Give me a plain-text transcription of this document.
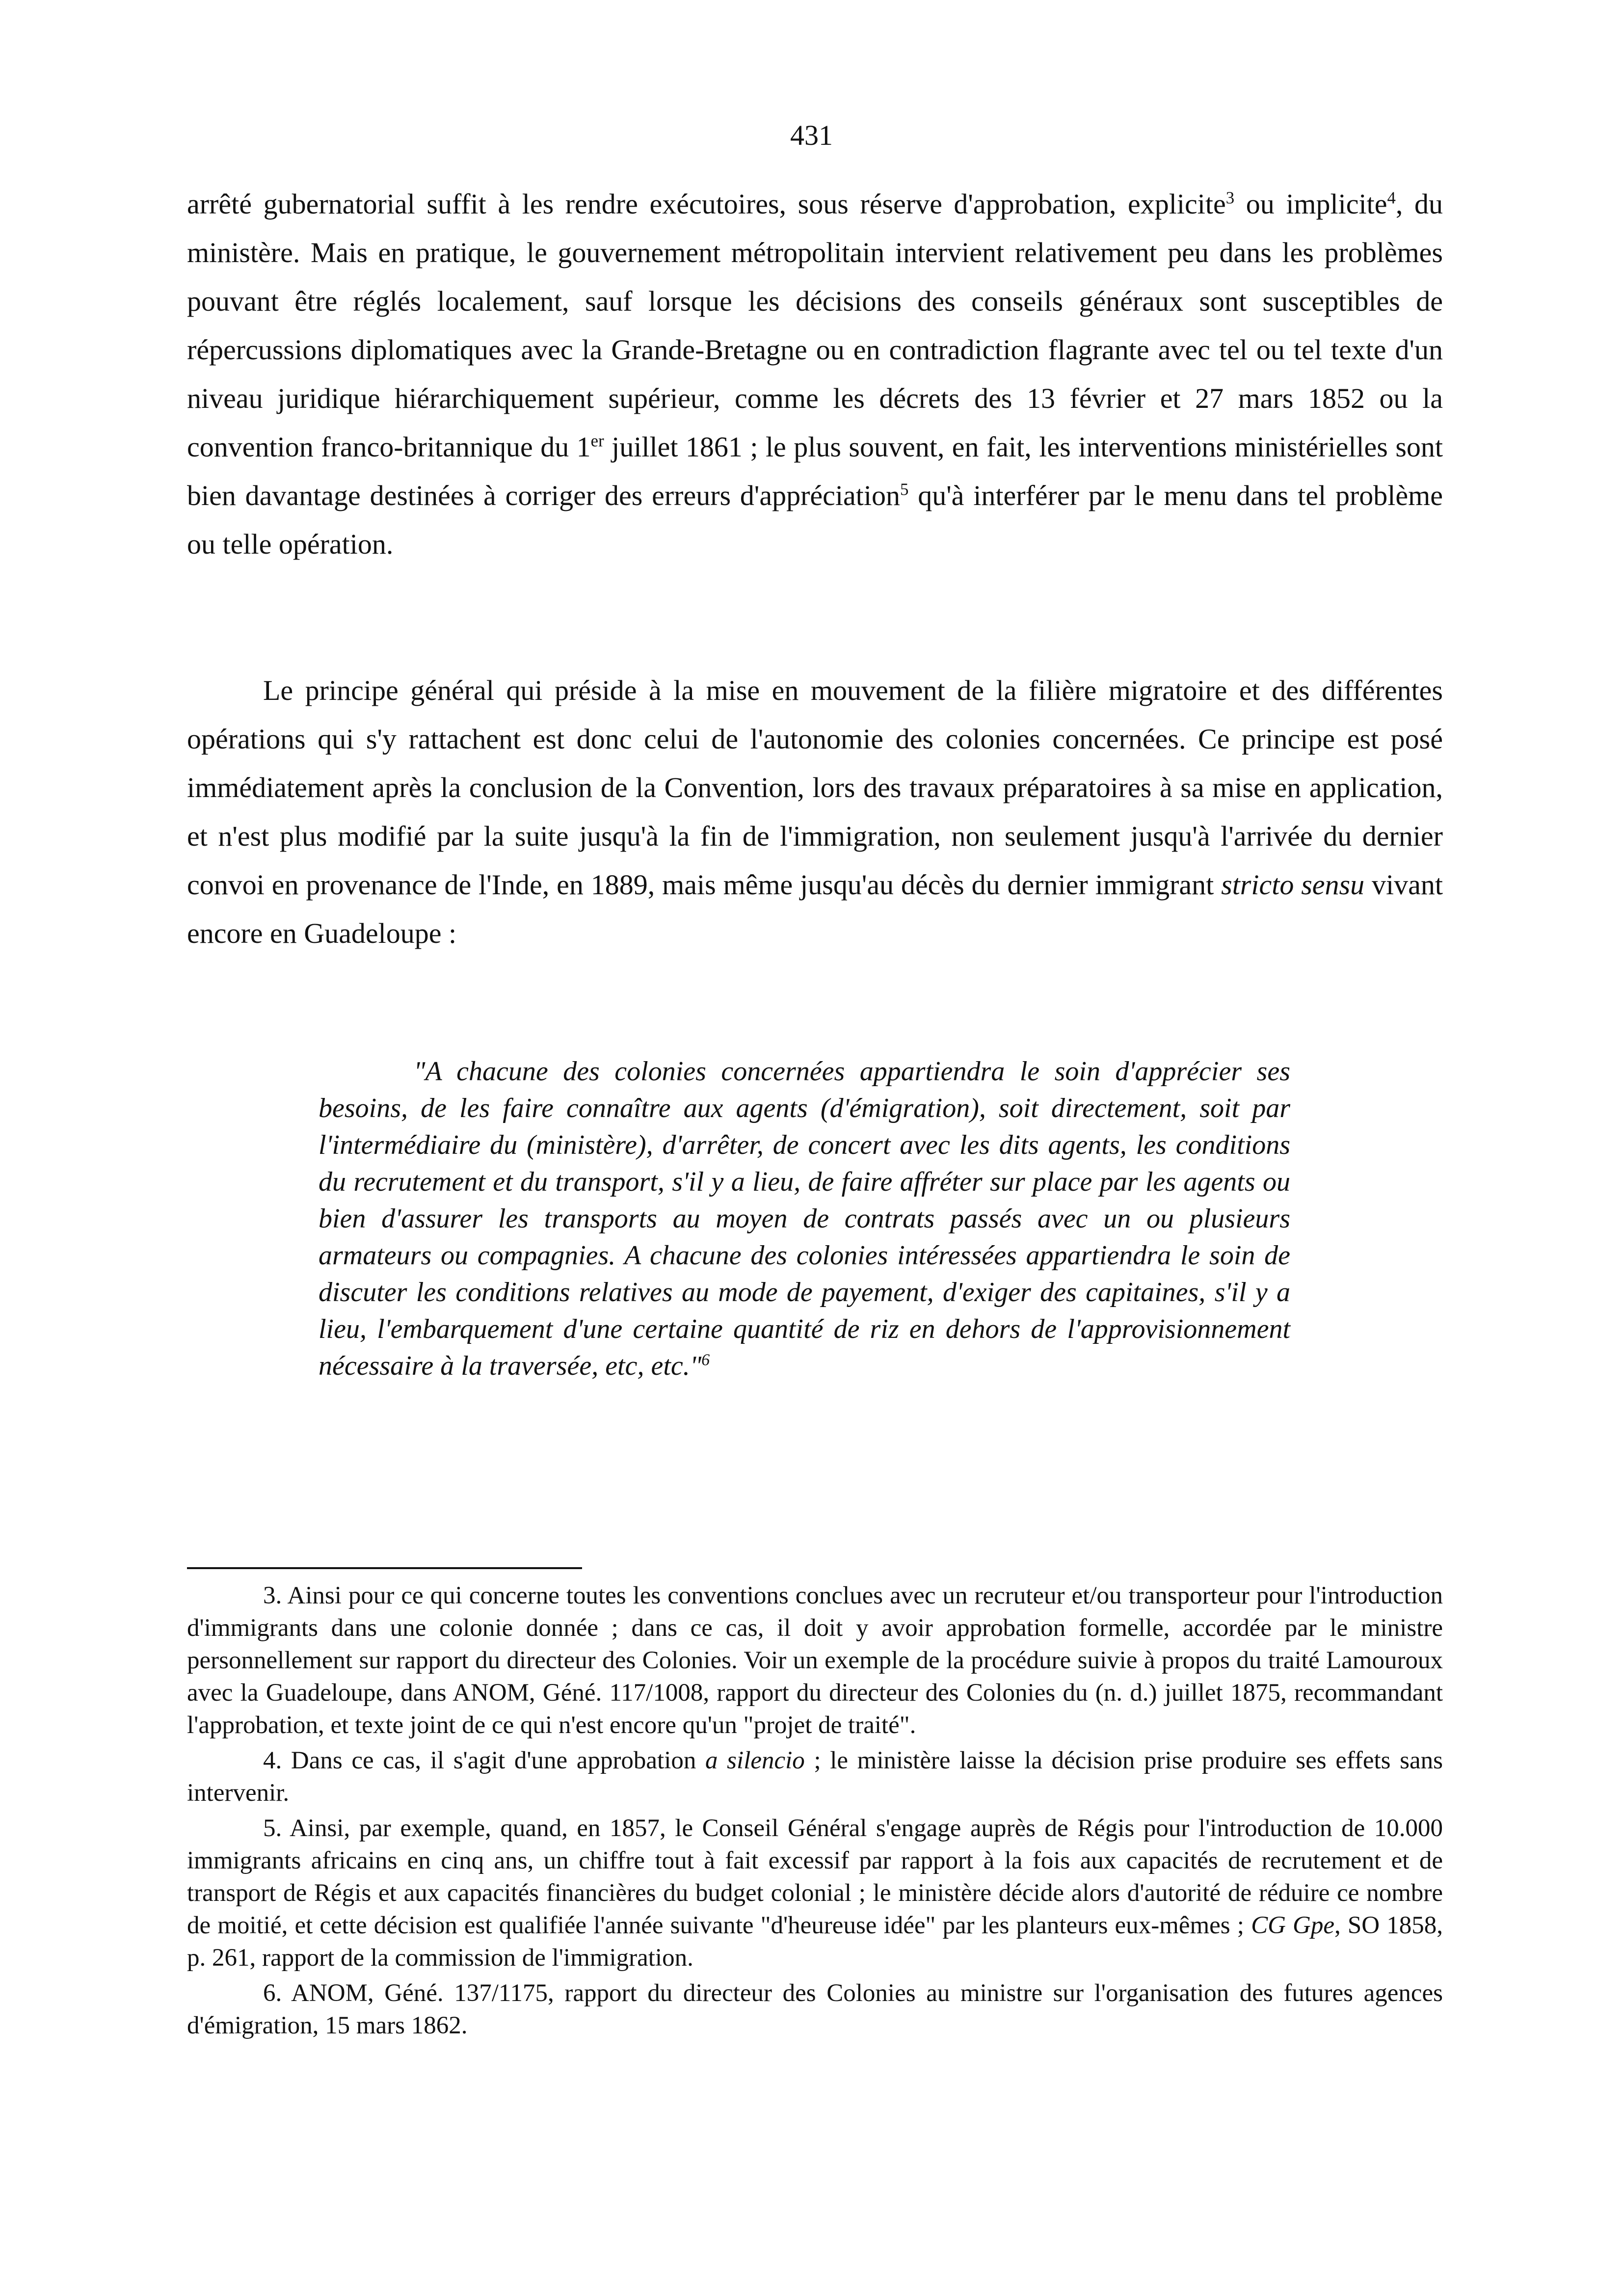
431

arrêté gubernatorial suffit à les rendre exécutoires, sous réserve d'approbation, explicite$^3$ ou implicite$^4$, du ministère. Mais en pratique, le gouvernement métropolitain intervient relativement peu dans les problèmes pouvant être réglés localement, sauf lorsque les décisions des conseils généraux sont susceptibles de répercussions diplomatiques avec la Grande-Bretagne ou en contradiction flagrante avec tel ou tel texte d'un niveau juridique hiérarchiquement supérieur, comme les décrets des 13 février et 27 mars 1852 ou la convention franco-britannique du 1er juillet 1861 ; le plus souvent, en fait, les interventions ministérielles sont bien davantage destinées à corriger des erreurs d'appréciation$^5$ qu'à interférer par le menu dans tel problème ou telle opération.

Le principe général qui préside à la mise en mouvement de la filière migratoire et des différentes opérations qui s'y rattachent est donc celui de l'autonomie des colonies concernées. Ce principe est posé immédiatement après la conclusion de la Convention, lors des travaux préparatoires à sa mise en application, et n'est plus modifié par la suite jusqu'à la fin de l'immigration, non seulement jusqu'à l'arrivée du dernier convoi en provenance de l'Inde, en 1889, mais même jusqu'au décès du dernier immigrant stricto sensu vivant encore en Guadeloupe :

"A chacune des colonies concernées appartiendra le soin d'apprécier ses besoins, de les faire connaître aux agents (d'émigration), soit directement, soit par l'intermédiaire du (ministère), d'arrêter, de concert avec les dits agents, les conditions du recrutement et du transport, s'il y a lieu, de faire affréter sur place par les agents ou bien d'assurer les transports au moyen de contrats passés avec un ou plusieurs armateurs ou compagnies. A chacune des colonies intéressées appartiendra le soin de discuter les conditions relatives au mode de payement, d'exiger des capitaines, s'il y a lieu, l'embarquement d'une certaine quantité de riz en dehors de l'approvisionnement nécessaire à la traversée, etc, etc."$^6$

3. Ainsi pour ce qui concerne toutes les conventions conclues avec un recruteur et/ou transporteur pour l'introduction d'immigrants dans une colonie donnée ; dans ce cas, il doit y avoir approbation formelle, accordée par le ministre personnellement sur rapport du directeur des Colonies. Voir un exemple de la procédure suivie à propos du traité Lamouroux avec la Guadeloupe, dans ANOM, Géné. 117/1008, rapport du directeur des Colonies du (n. d.) juillet 1875, recommandant l'approbation, et texte joint de ce qui n'est encore qu'un "projet de traité".

4. Dans ce cas, il s'agit d'une approbation a silencio ; le ministère laisse la décision prise produire ses effets sans intervenir.

5. Ainsi, par exemple, quand, en 1857, le Conseil Général s'engage auprès de Régis pour l'introduction de 10.000 immigrants africains en cinq ans, un chiffre tout à fait excessif par rapport à la fois aux capacités de recrutement et de transport de Régis et aux capacités financières du budget colonial ; le ministère décide alors d'autorité de réduire ce nombre de moitié, et cette décision est qualifiée l'année suivante "d'heureuse idée" par les planteurs eux-mêmes ; CG Gpe, SO 1858, p. 261, rapport de la commission de l'immigration.

6. ANOM, Géné. 137/1175, rapport du directeur des Colonies au ministre sur l'organisation des futures agences d'émigration, 15 mars 1862.
